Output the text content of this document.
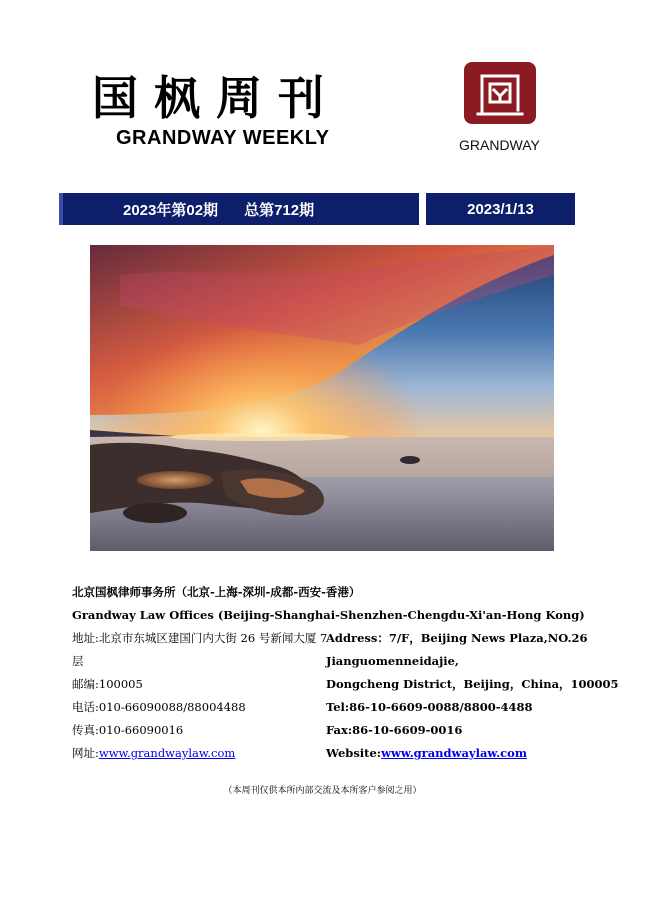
国枫周刊
GRANDWAY WEEKLY	GRANDWAY
2023年第02期 总第712期	2023/1/13
北京国枫律师事务所（北京-上海-深圳-成都-西安-香港）
Grandway Law Offices (Beijing-Shanghai-Shenzhen-Chengdu-Xi'an-Hong Kong)
地址:北京市东城区建国门内大街 26 号新闻大厦 7
层
邮编:100005
电话:010-66090088/88004488
传真:010-66090016
网址:www.grandwaylaw.com
Address：7/F，Beijing News Plaza,NO.26
Jianguomenneidajie,
Dongcheng District，Beijing，China，100005
Tel:86-10-6609-0088/8800-4488
Fax:86-10-6609-0016
Website:www.grandwaylaw.com
（本周刊仅供本所内部交流及本所客户参阅之用）
